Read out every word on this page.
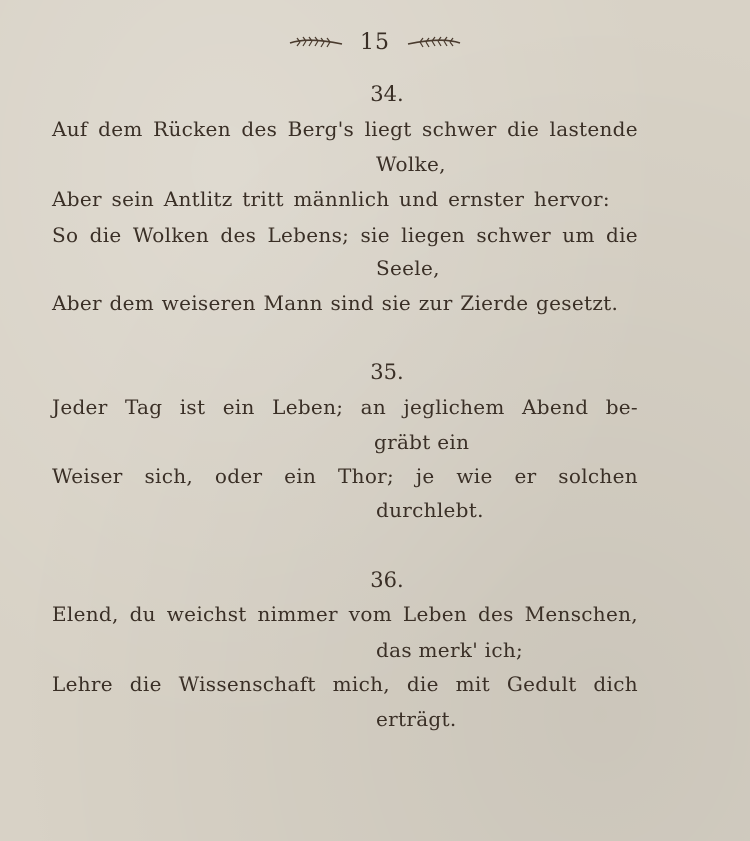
15
34.
Auf dem Rücken des Berg's liegt schwer die lastende
Wolke,
Aber sein Antlitz tritt männlich und ernster hervor:
So die Wolken des Lebens; sie liegen schwer um die
Seele,
Aber dem weiseren Mann sind sie zur Zierde gesetzt.
35.
Jeder Tag ist ein Leben; an jeglichem Abend be-
gräbt ein
Weiser sich, oder ein Thor; je wie er solchen
durchlebt.
36.
Elend, du weichst nimmer vom Leben des Menschen,
das merk' ich;
Lehre die Wissenschaft mich, die mit Gedult dich
erträgt.
